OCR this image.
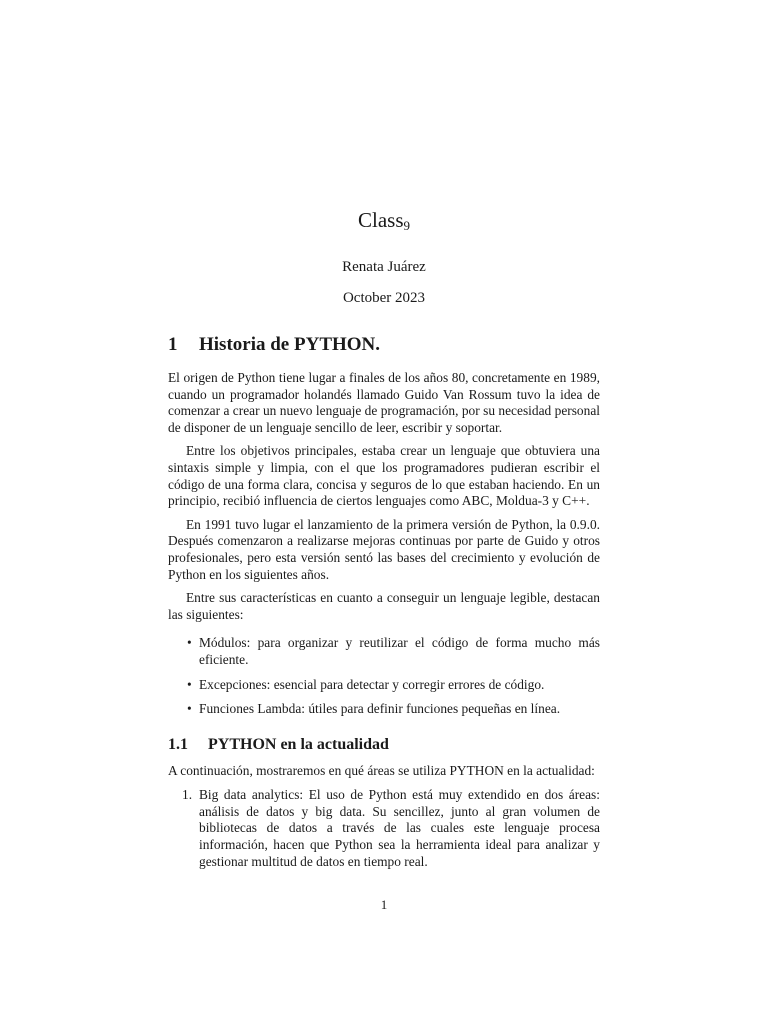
Class$_9$
Renata Juárez
October 2023
1 Historia de PYTHON.

El origen de Python tiene lugar a finales de los años 80, concretamente en 1989, cuando un programador holandés llamado Guido Van Rossum tuvo la idea de comenzar a crear un nuevo lenguaje de programación, por su necesidad personal de disponer de un lenguaje sencillo de leer, escribir y soportar.

Entre los objetivos principales, estaba crear un lenguaje que obtuviera una sintaxis simple y limpia, con el que los programadores pudieran escribir el código de una forma clara, concisa y seguros de lo que estaban haciendo. En un principio, recibió influencia de ciertos lenguajes como ABC, Moldua-3 y C++.

En 1991 tuvo lugar el lanzamiento de la primera versión de Python, la 0.9.0. Después comenzaron a realizarse mejoras continuas por parte de Guido y otros profesionales, pero esta versión sentó las bases del crecimiento y evolución de Python en los siguientes años.

Entre sus características en cuanto a conseguir un lenguaje legible, destacan las siguientes:

• Módulos: para organizar y reutilizar el código de forma mucho más eficiente.
• Excepciones: esencial para detectar y corregir errores de código.
• Funciones Lambda: útiles para definir funciones pequeñas en línea.
1.1 PYTHON en la actualidad

A continuación, mostraremos en qué áreas se utiliza PYTHON en la actualidad:

1. Big data analytics: El uso de Python está muy extendido en dos áreas: análisis de datos y big data. Su sencillez, junto al gran volumen de bibliotecas de datos a través de las cuales este lenguaje procesa información, hacen que Python sea la herramienta ideal para analizar y gestionar multitud de datos en tiempo real.
1
